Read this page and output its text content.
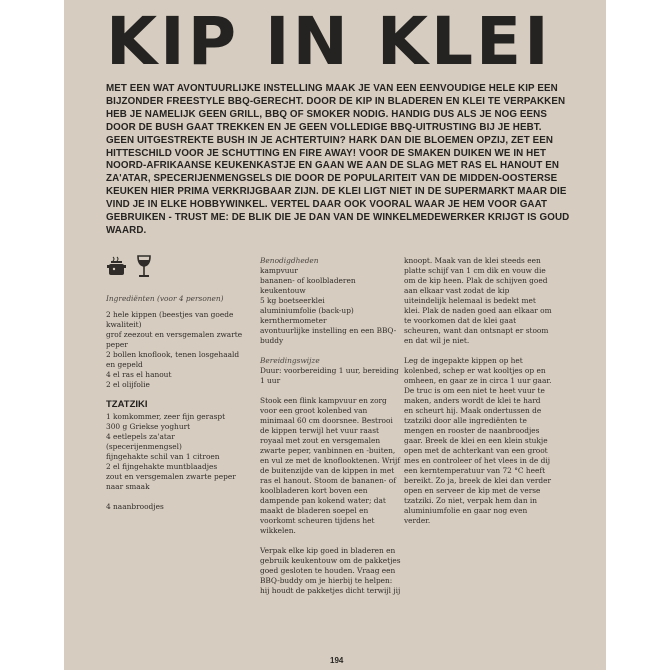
KIP IN KLEI

MET EEN WAT AVONTUURLIJKE INSTELLING MAAK JE VAN EEN EENVOUDIGE HELE KIP EEN BIJZONDER FREESTYLE BBQ-GERECHT. DOOR DE KIP IN BLADEREN EN KLEI TE VERPAKKEN HEB JE NAMELIJK GEEN GRILL, BBQ OF SMOKER NODIG. HANDIG DUS ALS JE NOG EENS DOOR DE BUSH GAAT TREKKEN EN JE GEEN VOLLEDIGE BBQ-UITRUSTING BIJ JE HEBT. GEEN UITGESTREKTE BUSH IN JE ACHTERTUIN? HARK DAN DIE BLOEMEN OPZIJ, ZET EEN HITTESCHILD VOOR JE SCHUTTING EN FIRE AWAY! VOOR DE SMAKEN DUIKEN WE IN HET NOORD-AFRIKAANSE KEUKENKASTJE EN GAAN WE AAN DE SLAG MET RAS EL HANOUT EN ZA'ATAR, SPECERIJENMENGSELS DIE DOOR DE POPULARITEIT VAN DE MIDDEN-OOSTERSE KEUKEN HIER PRIMA VERKRIJGBAAR ZIJN. DE KLEI LIGT NIET IN DE SUPERMARKT MAAR DIE VIND JE IN ELKE HOBBYWINKEL. VERTEL DAAR OOK VOORAL WAAR JE HEM VOOR GAAT GEBRUIKEN - TRUST ME: DE BLIK DIE JE DAN VAN DE WINKELMEDEWERKER KRIJGT IS GOUD WAARD.

Ingrediënten (voor 4 personen)
2 hele kippen (beestjes van goede kwaliteit)
grof zeezout en versgemalen zwarte peper
2 bollen knoflook, tenen losgehaald en gepeld
4 el ras el hanout
2 el olijfolie
TZATZIKI
1 komkommer, zeer fijn geraspt
300 g Griekse yoghurt
4 eetlepels za'atar (specerijenmengsel)
fijngehakte schil van 1 citroen
2 el fijngehakte muntblaadjes
zout en versgemalen zwarte peper naar smaak
4 naanbroodjes
Benodigdheden
kampvuur
bananen- of koolbladeren
keukentouw
5 kg boetseerklei
aluminiumfolie (back-up)
kernthermometer
avontuurlijke instelling en een BBQ-buddy
Bereidingswijze
Duur: voorbereiding 1 uur, bereiding 1 uur

Stook een flink kampvuur en zorg voor een groot kolenbed van minimaal 60 cm doorsnee. Bestrooi de kippen terwijl het vuur raast royaal met zout en versgemalen zwarte peper, vanbinnen en -buiten, en vul ze met de knoflooktenen. Wrijf de buitenzijde van de kippen in met ras el hanout. Stoom de bananen- of koolbladeren kort boven een dampende pan kokend water; dat maakt de bladeren soepel en voorkomt scheuren tijdens het wikkelen.

Verpak elke kip goed in bladeren en gebruik keukentouw om de pakketjes goed gesloten te houden. Vraag een BBQ-buddy om je hierbij te helpen: hij houdt de pakketjes dicht terwijl jij

knoopt. Maak van de klei steeds een platte schijf van 1 cm dik en vouw die om de kip heen. Plak de schijven goed aan elkaar vast zodat de kip uiteindelijk helemaal is bedekt met klei. Plak de naden goed aan elkaar om te voorkomen dat de klei gaat scheuren, want dan ontsnapt er stoom en dat wil je niet.

Leg de ingepakte kippen op het kolenbed, schep er wat kooltjes op en omheen, en gaar ze in circa 1 uur gaar. De truc is om een niet te heet vuur te maken, anders wordt de klei te hard en scheurt hij. Maak ondertussen de tzatziki door alle ingrediënten te mengen en rooster de naanbroodjes gaar. Breek de klei en een klein stukje open met de achterkant van een groot mes en controleer of het vlees in de dij een kerntemperatuur van 72 °C heeft bereikt. Zo ja, breek de klei dan verder open en serveer de kip met de verse tzatziki. Zo niet, verpak hem dan in aluminiumfolie en gaar nog even verder.

194
